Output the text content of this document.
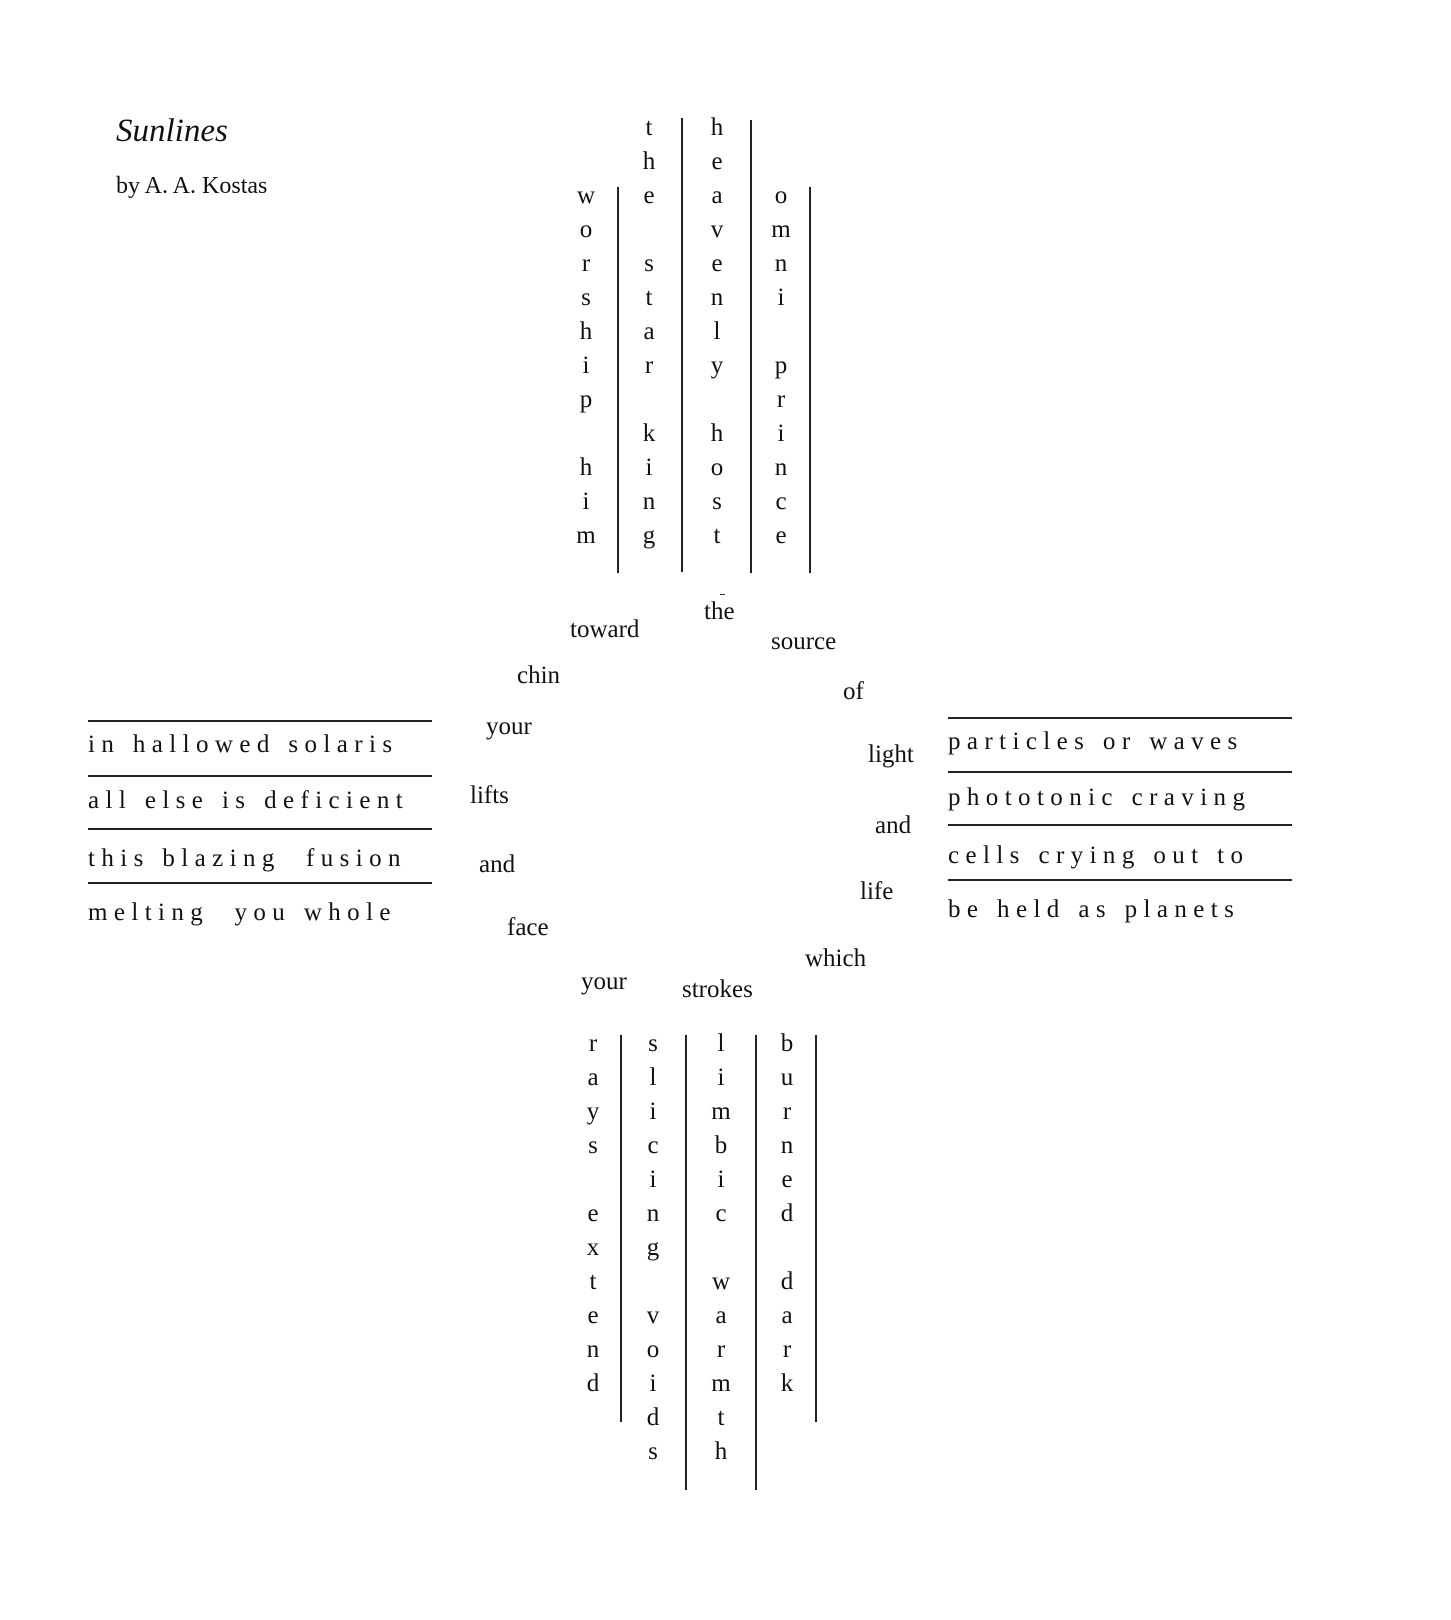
Sunlines
by A. A. Kostas	w
o
r
s
h
i
p

h
i
m
t
h
e

s
t
a
r

k
i
n
g
h
e
a
v
e
n
l
y

h
o
s
t
o
m
n
i

p
r
i
n
c
e
toward
the
source
chin
of
your
light
lifts
and
and
life
face
which
your strokes
in hallowed solaris
all else is deficient
this blazing  fusion
melting  you whole
particles or waves
phototonic craving
cells crying out to
be held as planets
r
a
y
s

e
x
t
e
n
d
s
l
i
c
i
n
g

v
o
i
d
s
l
i
m
b
i
c

w
a
r
m
t
h
b
u
r
n
e
d

d
a
r
k
